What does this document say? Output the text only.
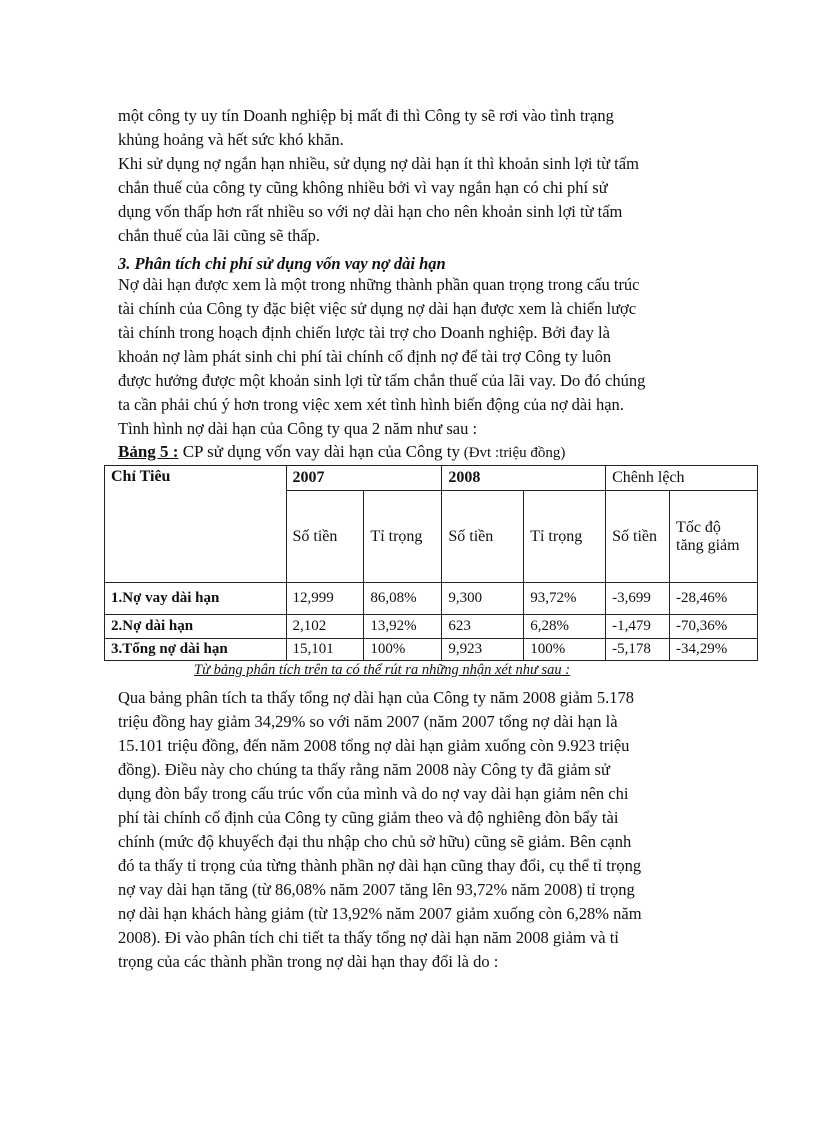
một công ty uy tín Doanh nghiệp bị mất đi thì Công ty sẽ rơi vào tình trạng
khủng hoảng và hết sức khó khăn.
Khi sử dụng nợ ngắn hạn nhiều, sử dụng nợ dài hạn ít thì khoản sinh lợi từ tấm
chắn thuế của công ty cũng không nhiều bởi vì vay ngắn hạn có chi phí sử
dụng vốn thấp hơn rất nhiều so với nợ dài hạn cho nên khoản sinh lợi từ tấm
chắn thuế của lãi cũng sẽ thấp.

3. Phân tích chi phí sử dụng vốn vay nợ dài hạn

Nợ dài hạn được xem là một trong những thành phần quan trọng trong cấu trúc
tài chính của Công ty đặc biệt việc sử dụng nợ dài hạn được xem là chiến lược
tài chính trong hoạch định chiến lược tài trợ cho Doanh nghiệp. Bởi đay là
khoản nợ làm phát sinh chi phí tài chính cố định nợ để tài trợ Công ty luôn
được hưởng được một khoản sinh lợi từ tấm chắn thuế của lãi vay. Do đó chúng
ta cần phải chú ý hơn trong việc xem xét tình hình biến động của nợ dài hạn.
Tình hình nợ dài hạn của Công ty qua 2 năm như sau :
Bảng 5 : CP sử dụng vốn vay dài hạn của Công ty (Đvt :triệu đồng)
Chỉ Tiêu	2007		2008		Chênh lệch	
	Số tiền	Tỉ trọng	Số tiền	Tỉ trọng	Số tiền	Tốc độ tăng giảm
1.Nợ vay dài hạn	12,999	86,08%	9,300	93,72%	-3,699	-28,46%
2.Nợ dài hạn	2,102	13,92%	623	6,28%	-1,479	-70,36%
3.Tổng nợ dài hạn	15,101	100%	9,923	100%	-5,178	-34,29%
Từ bảng phân tích trên ta có thể rút ra những nhận xét như sau :
Qua bảng phân tích ta thấy tổng nợ dài hạn của Công ty năm 2008 giảm 5.178
triệu đồng hay giảm 34,29% so với năm 2007 (năm 2007 tổng nợ dài hạn là
15.101 triệu đồng, đến năm 2008 tổng nợ dài hạn giảm xuống còn 9.923 triệu
đồng). Điều này cho chúng ta thấy rằng năm 2008 này Công ty đã giảm sử
dụng đòn bẩy trong cấu trúc vốn của mình và do nợ vay dài hạn giảm nên chi
phí tài chính cố định của Công ty cũng giảm theo và độ nghiêng đòn bẩy tài
chính (mức độ khuyếch đại thu nhập cho chủ sở hữu) cũng sẽ giảm. Bên cạnh
đó ta thấy tỉ trọng của từng thành phần nợ dài hạn cũng thay đổi, cụ thể tỉ trọng
nợ vay dài hạn tăng (từ 86,08% năm 2007 tăng lên 93,72% năm 2008) tỉ trọng
nợ dài hạn khách hàng giảm (từ 13,92% năm 2007 giảm xuống còn 6,28% năm
2008). Đi vào phân tích chi tiết ta thấy tổng nợ dài hạn năm 2008 giảm và tỉ
trọng của các thành phần trong nợ dài hạn thay đổi là do :
